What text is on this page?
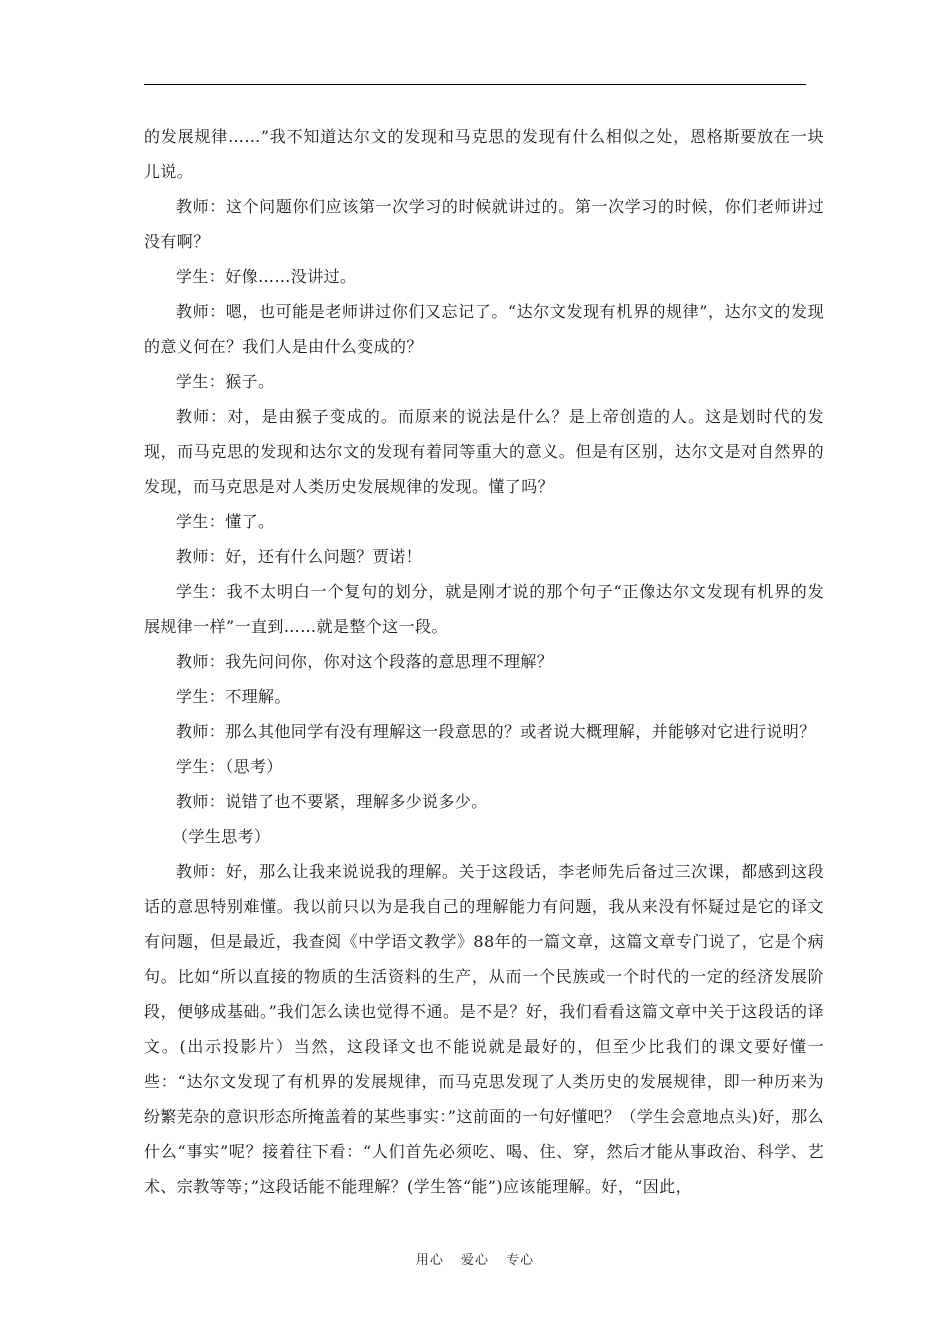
的发展规律……”我不知道达尔文的发现和马克思的发现有什么相似之处，恩格斯要放在一块儿说。

教师：这个问题你们应该第一次学习的时候就讲过的。第一次学习的时候，你们老师讲过没有啊？

学生：好像……没讲过。

教师：嗯，也可能是老师讲过你们又忘记了。“达尔文发现有机界的规律”，达尔文的发现的意义何在？我们人是由什么变成的？

学生：猴子。

教师：对，是由猴子变成的。而原来的说法是什么？是上帝创造的人。这是划时代的发现，而马克思的发现和达尔文的发现有着同等重大的意义。但是有区别，达尔文是对自然界的发现，而马克思是对人类历史发展规律的发现。懂了吗？

学生：懂了。

教师：好，还有什么问题？贾诺！

学生：我不太明白一个复句的划分，就是刚才说的那个句子“正像达尔文发现有机界的发展规律一样”一直到……就是整个这一段。

教师：我先问问你，你对这个段落的意思理不理解？

学生：不理解。

教师：那么其他同学有没有理解这一段意思的？或者说大概理解，并能够对它进行说明？

学生：（思考）

教师：说错了也不要紧，理解多少说多少。

（学生思考）

教师：好，那么让我来说说我的理解。关于这段话，李老师先后备过三次课，都感到这段话的意思特别难懂。我以前只以为是我自己的理解能力有问题，我从来没有怀疑过是它的译文有问题，但是最近，我查阅《中学语文教学》88年的一篇文章，这篇文章专门说了，它是个病句。比如“所以直接的物质的生活资料的生产，从而一个民族或一个时代的一定的经济发展阶段，便够成基础。”我们怎么读也觉得不通。是不是？好，我们看看这篇文章中关于这段话的译文。(出示投影片）当然，这段译文也不能说就是最好的，但至少比我们的课文要好懂一些：“达尔文发现了有机界的发展规律，而马克思发现了人类历史的发展规律，即一种历来为纷繁芜杂的意识形态所掩盖着的某些事实：”这前面的一句好懂吧？（学生会意地点头)好，那么什么“事实”呢？接着往下看：“人们首先必须吃、喝、住、穿，然后才能从事政治、科学、艺术、宗教等等；”这段话能不能理解？(学生答“能”)应该能理解。好，“因此，

用心 爱心 专心
